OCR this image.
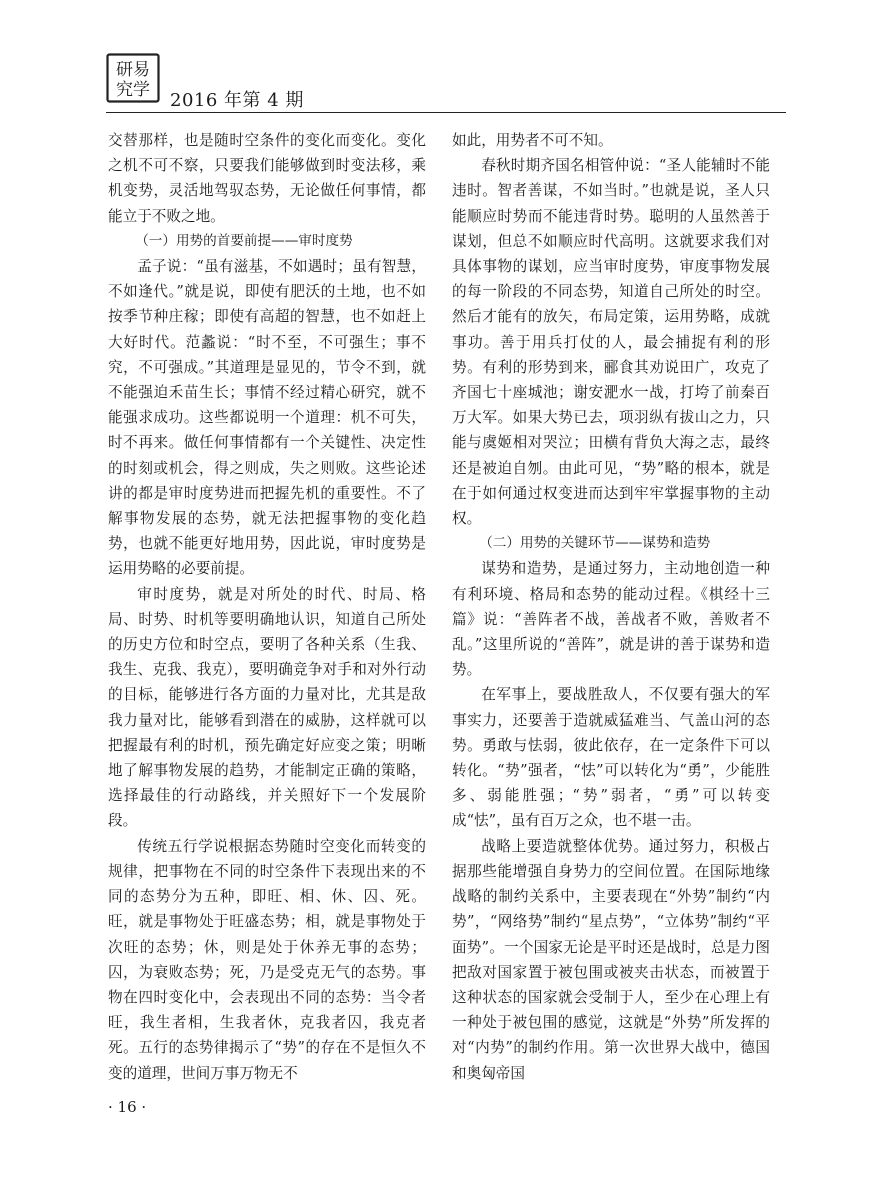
研易
究学 2016 年第 4 期

交替那样，也是随时空条件的变化而变化。变化之机不可不察，只要我们能够做到时变法移，乘机变势，灵活地驾驭态势，无论做任何事情，都能立于不败之地。

（一）用势的首要前提——审时度势

孟子说：“虽有滋基，不如遇时；虽有智慧，不如逢代。”就是说，即使有肥沃的土地，也不如按季节种庄稼；即使有高超的智慧，也不如赶上大好时代。范蠡说：“时不至，不可强生；事不究，不可强成。”其道理是显见的，节令不到，就不能强迫禾苗生长；事情不经过精心研究，就不能强求成功。这些都说明一个道理：机不可失，时不再来。做任何事情都有一个关键性、决定性的时刻或机会，得之则成，失之则败。这些论述讲的都是审时度势进而把握先机的重要性。不了解事物发展的态势，就无法把握事物的变化趋势，也就不能更好地用势，因此说，审时度势是运用势略的必要前提。

审时度势，就是对所处的时代、时局、格局、时势、时机等要明确地认识，知道自己所处的历史方位和时空点，要明了各种关系（生我、我生、克我、我克），要明确竞争对手和对外行动的目标，能够进行各方面的力量对比，尤其是敌我力量对比，能够看到潜在的威胁，这样就可以把握最有利的时机，预先确定好应变之策；明晰地了解事物发展的趋势，才能制定正确的策略，选择最佳的行动路线，并关照好下一个发展阶段。

传统五行学说根据态势随时空变化而转变的规律，把事物在不同的时空条件下表现出来的不同的态势分为五种，即旺、相、休、囚、死。旺，就是事物处于旺盛态势；相，就是事物处于次旺的态势；休，则是处于休养无事的态势；囚，为衰败态势；死，乃是受克无气的态势。事物在四时变化中，会表现出不同的态势：当令者旺，我生者相，生我者休，克我者囚，我克者死。五行的态势律揭示了“势”的存在不是恒久不变的道理，世间万事万物无不

如此，用势者不可不知。

春秋时期齐国名相管仲说：“圣人能辅时不能违时。智者善谋，不如当时。”也就是说，圣人只能顺应时势而不能违背时势。聪明的人虽然善于谋划，但总不如顺应时代高明。这就要求我们对具体事物的谋划，应当审时度势，审度事物发展的每一阶段的不同态势，知道自己所处的时空。然后才能有的放矢，布局定策，运用势略，成就事功。善于用兵打仗的人，最会捕捉有利的形势。有利的形势到来，郦食其劝说田广，攻克了齐国七十座城池；谢安淝水一战，打垮了前秦百万大军。如果大势已去，项羽纵有拔山之力，只能与虞姬相对哭泣；田横有背负大海之志，最终还是被迫自刎。由此可见，“势”略的根本，就是在于如何通过权变进而达到牢牢掌握事物的主动权。

（二）用势的关键环节——谋势和造势

谋势和造势，是通过努力，主动地创造一种有利环境、格局和态势的能动过程。《棋经十三篇》说：“善阵者不战，善战者不败，善败者不乱。”这里所说的“善阵”，就是讲的善于谋势和造势。

在军事上，要战胜敌人，不仅要有强大的军事实力，还要善于造就威猛难当、气盖山河的态势。勇敢与怯弱，彼此依存，在一定条件下可以转化。“势”强者，“怯”可以转化为“勇”，少能胜多、弱能胜强；“势”弱者，“勇”可以转变成“怯”，虽有百万之众，也不堪一击。

战略上要造就整体优势。通过努力，积极占据那些能增强自身势力的空间位置。在国际地缘战略的制约关系中，主要表现在“外势”制约“内势”，“网络势”制约“星点势”，“立体势”制约“平面势”。一个国家无论是平时还是战时，总是力图把敌对国家置于被包围或被夹击状态，而被置于这种状态的国家就会受制于人，至少在心理上有一种处于被包围的感觉，这就是“外势”所发挥的对“内势”的制约作用。第一次世界大战中，德国和奥匈帝国

· 16 ·
